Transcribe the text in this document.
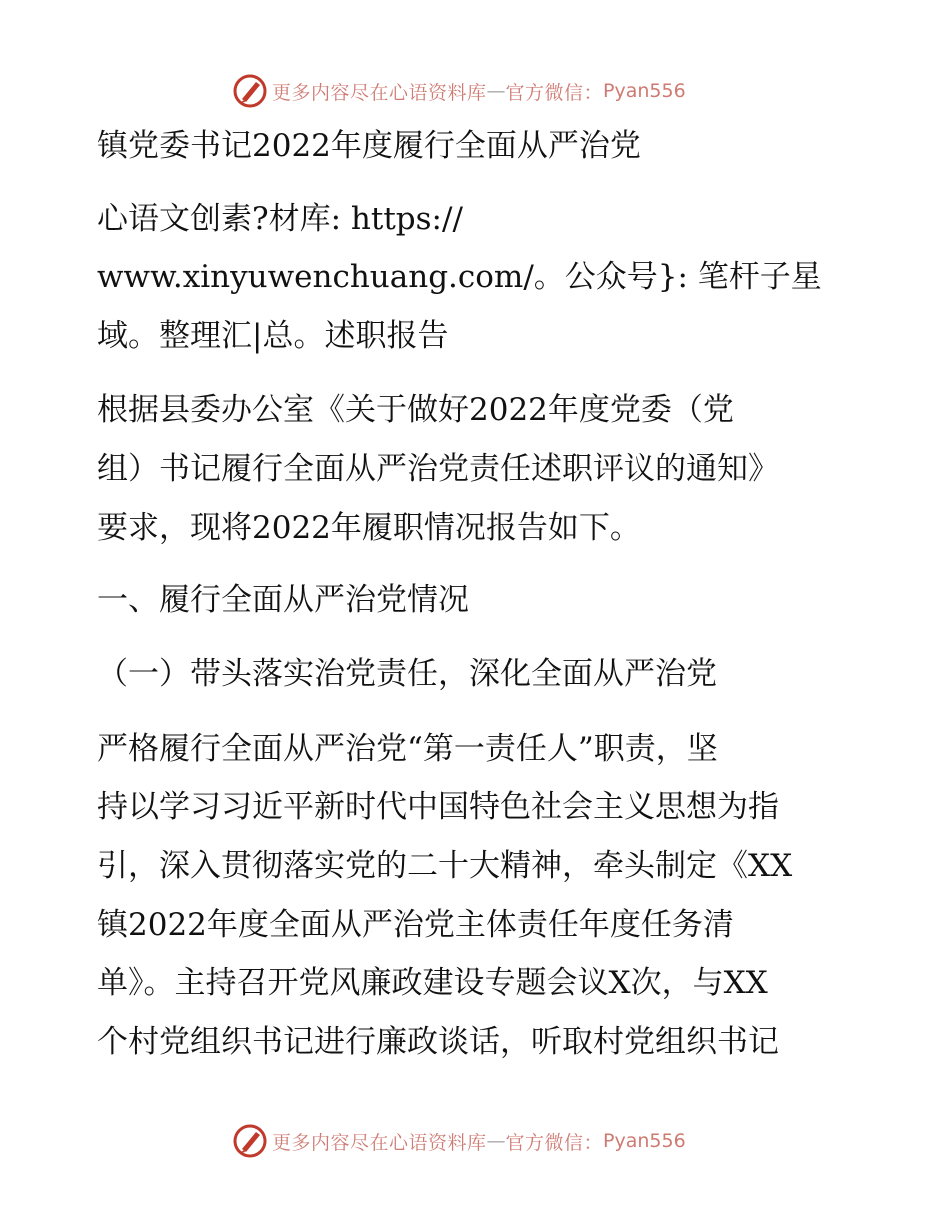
更多内容尽在心语资料库 — 官方微信： Pyan556
镇党委书记2022年度履行全面从严治党
心语文创素?材库: https://
www.xinyuwenchuang.com/。公众号}: 笔杆子星
域。整理汇|总。述职报告
根据县委办公室《关于做好2022年度党委（党
组）书记履行全面从严治党责任述职评议的通知》
要求，现将2022年履职情况报告如下。
一、履行全面从严治党情况
（一）带头落实治党责任，深化全面从严治党
严格履行全面从严治党“第一责任人”职责，坚
持以学习习近平新时代中国特色社会主义思想为指
引，深入贯彻落实党的二十大精神，牵头制定《XX
镇2022年度全面从严治党主体责任年度任务清
单》。主持召开党风廉政建设专题会议X次，与XX
个村党组织书记进行廉政谈话，听取村党组织书记
更多内容尽在心语资料库 — 官方微信： Pyan556
